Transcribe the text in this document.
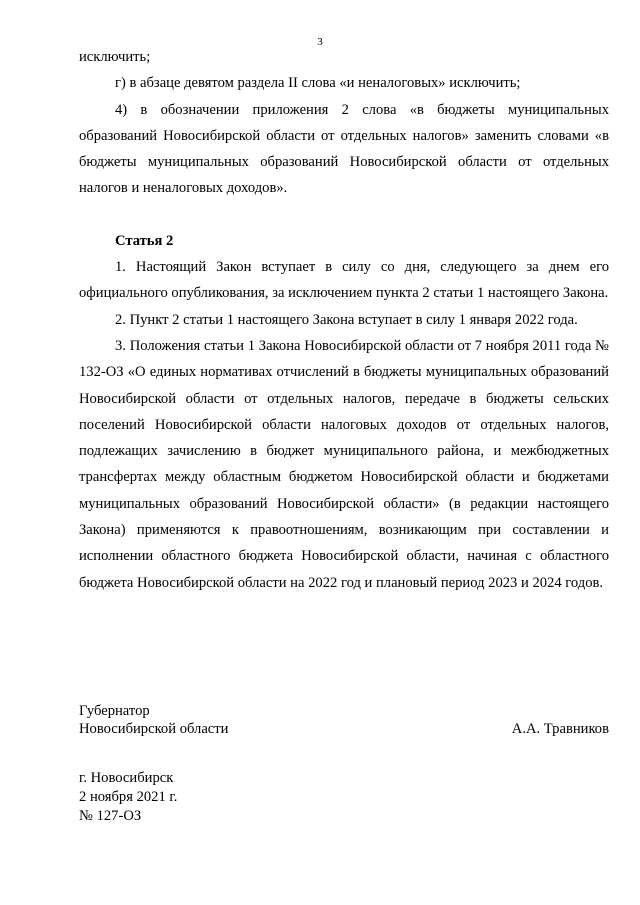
3

исключить;

г) в абзаце девятом раздела II слова «и неналоговых» исключить;

4) в обозначении приложения 2 слова «в бюджеты муниципальных образований Новосибирской области от отдельных налогов» заменить словами «в бюджеты муниципальных образований Новосибирской области от отдельных налогов и неналоговых доходов».

Статья 2

1. Настоящий Закон вступает в силу со дня, следующего за днем его официального опубликования, за исключением пункта 2 статьи 1 настоящего Закона.

2. Пункт 2 статьи 1 настоящего Закона вступает в силу 1 января 2022 года.

3. Положения статьи 1 Закона Новосибирской области от 7 ноября 2011 года № 132-ОЗ «О единых нормативах отчислений в бюджеты муниципальных образований Новосибирской области от отдельных налогов, передаче в бюджеты сельских поселений Новосибирской области налоговых доходов от отдельных налогов, подлежащих зачислению в бюджет муниципального района, и межбюджетных трансфертах между областным бюджетом Новосибирской области и бюджетами муниципальных образований Новосибирской области» (в редакции настоящего Закона) применяются к правоотношениям, возникающим при составлении и исполнении областного бюджета Новосибирской области, начиная с областного бюджета Новосибирской области на 2022 год и плановый период 2023 и 2024 годов.

Губернатор
Новосибирской области	А.А. Травников
г. Новосибирск
2 ноября 2021 г.
№ 127-ОЗ
